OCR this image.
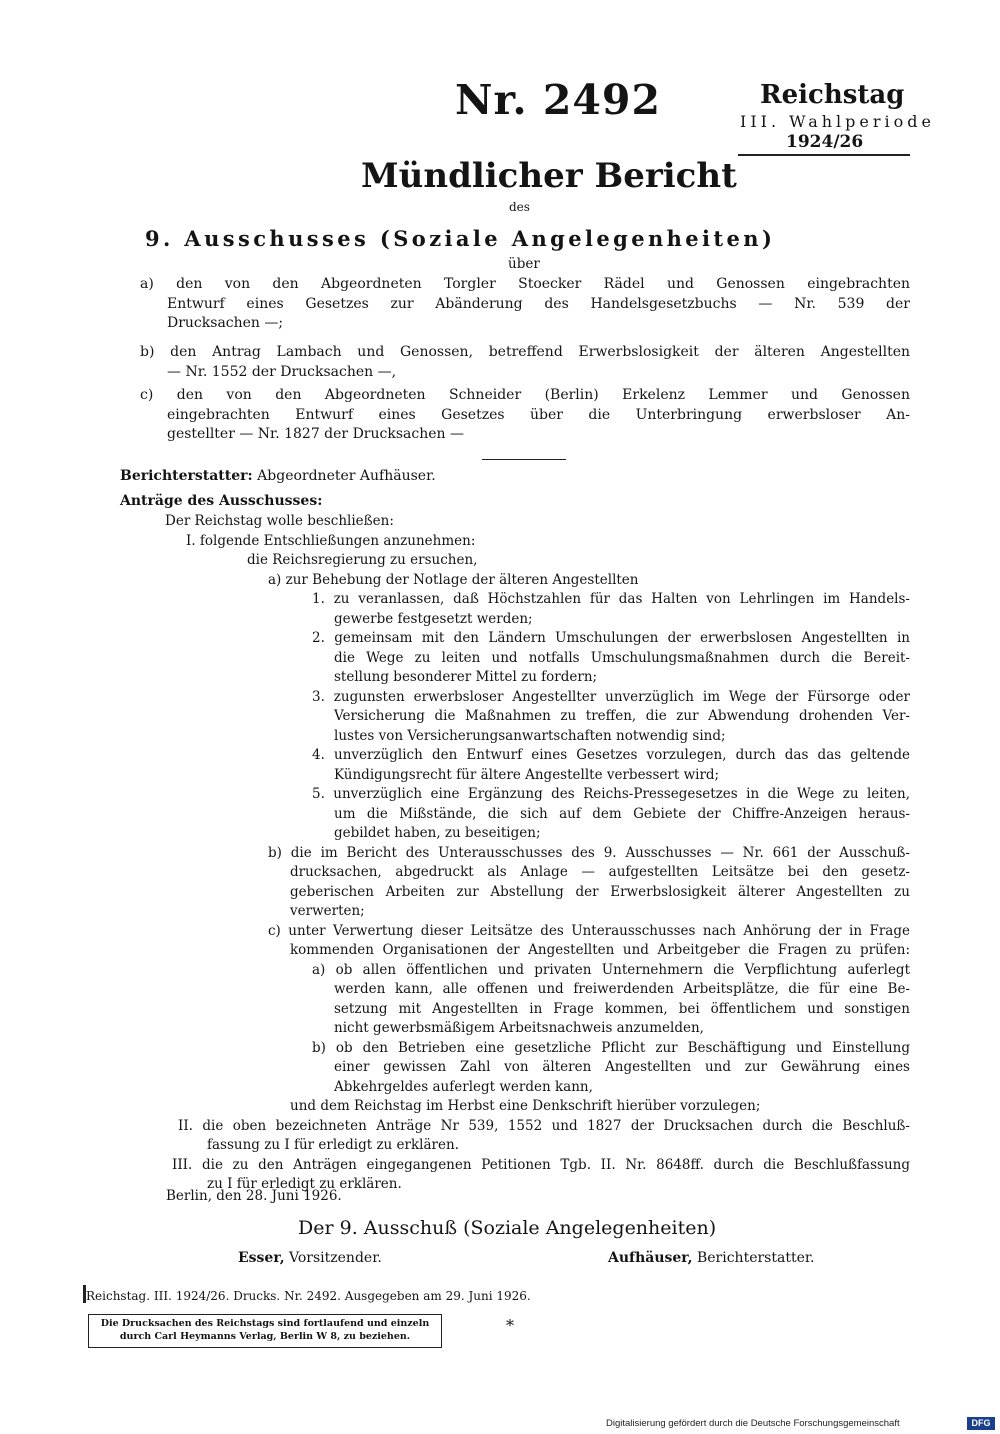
Nr. 2492	Reichstag
III. Wahlperiode
1924/26
Mündlicher Bericht
des
9. Ausschusses (Soziale Angelegenheiten)
über
a) den von den Abgeordneten Torgler Stoecker Rädel und Genossen eingebrachten
Entwurf eines Gesetzes zur Abänderung des Handelsgesetzbuchs — Nr. 539 der
Drucksachen —;
b) den Antrag Lambach und Genossen, betreffend Erwerbslosigkeit der älteren Angestellten
— Nr. 1552 der Drucksachen —,
c) den von den Abgeordneten Schneider (Berlin) Erkelenz Lemmer und Genossen
eingebrachten Entwurf eines Gesetzes über die Unterbringung erwerbsloser An-
gestellter — Nr. 1827 der Drucksachen —
Berichterstatter: Abgeordneter Aufhäuser.
Anträge des Ausschusses:
Der Reichstag wolle beschließen:
I. folgende Entschließungen anzunehmen:
die Reichsregierung zu ersuchen,
a) zur Behebung der Notlage der älteren Angestellten
1. zu veranlassen, daß Höchstzahlen für das Halten von Lehrlingen im Handels-
gewerbe festgesetzt werden;
2. gemeinsam mit den Ländern Umschulungen der erwerbslosen Angestellten in
die Wege zu leiten und notfalls Umschulungsmaßnahmen durch die Bereit-
stellung besonderer Mittel zu fordern;
3. zugunsten erwerbsloser Angestellter unverzüglich im Wege der Fürsorge oder
Versicherung die Maßnahmen zu treffen, die zur Abwendung drohenden Ver-
lustes von Versicherungsanwartschaften notwendig sind;
4. unverzüglich den Entwurf eines Gesetzes vorzulegen, durch das das geltende
Kündigungsrecht für ältere Angestellte verbessert wird;
5. unverzüglich eine Ergänzung des Reichs-Pressegesetzes in die Wege zu leiten,
um die Mißstände, die sich auf dem Gebiete der Chiffre-Anzeigen heraus-
gebildet haben, zu beseitigen;
b) die im Bericht des Unterausschusses des 9. Ausschusses — Nr. 661 der Ausschuß-
drucksachen, abgedruckt als Anlage — aufgestellten Leitsätze bei den gesetz-
geberischen Arbeiten zur Abstellung der Erwerbslosigkeit älterer Angestellten zu
verwerten;
c) unter Verwertung dieser Leitsätze des Unterausschusses nach Anhörung der in Frage
kommenden Organisationen der Angestellten und Arbeitgeber die Fragen zu prüfen:
a) ob allen öffentlichen und privaten Unternehmern die Verpflichtung auferlegt
werden kann, alle offenen und freiwerdenden Arbeitsplätze, die für eine Be-
setzung mit Angestellten in Frage kommen, bei öffentlichem und sonstigen
nicht gewerbsmäßigem Arbeitsnachweis anzumelden,
b) ob den Betrieben eine gesetzliche Pflicht zur Beschäftigung und Einstellung
einer gewissen Zahl von älteren Angestellten und zur Gewährung eines
Abkehrgeldes auferlegt werden kann,
und dem Reichstag im Herbst eine Denkschrift hierüber vorzulegen;
II. die oben bezeichneten Anträge Nr 539, 1552 und 1827 der Drucksachen durch die Beschluß-
fassung zu I für erledigt zu erklären.
III. die zu den Anträgen eingegangenen Petitionen Tgb. II. Nr. 8648ff. durch die Beschlußfassung
zu I für erledigt zu erklären.
Berlin, den 28. Juni 1926.
Der 9. Ausschuß (Soziale Angelegenheiten)
Esser, Vorsitzender.	Aufhäuser, Berichterstatter.
Reichstag. III. 1924/26. Drucks. Nr. 2492. Ausgegeben am 29. Juni 1926.
Die Drucksachen des Reichstags sind fortlaufend und einzeln
durch Carl Heymanns Verlag, Berlin W 8, zu beziehen.
*
Digitalisierung gefördert durch die Deutsche Forschungsgemeinschaft	DFG
